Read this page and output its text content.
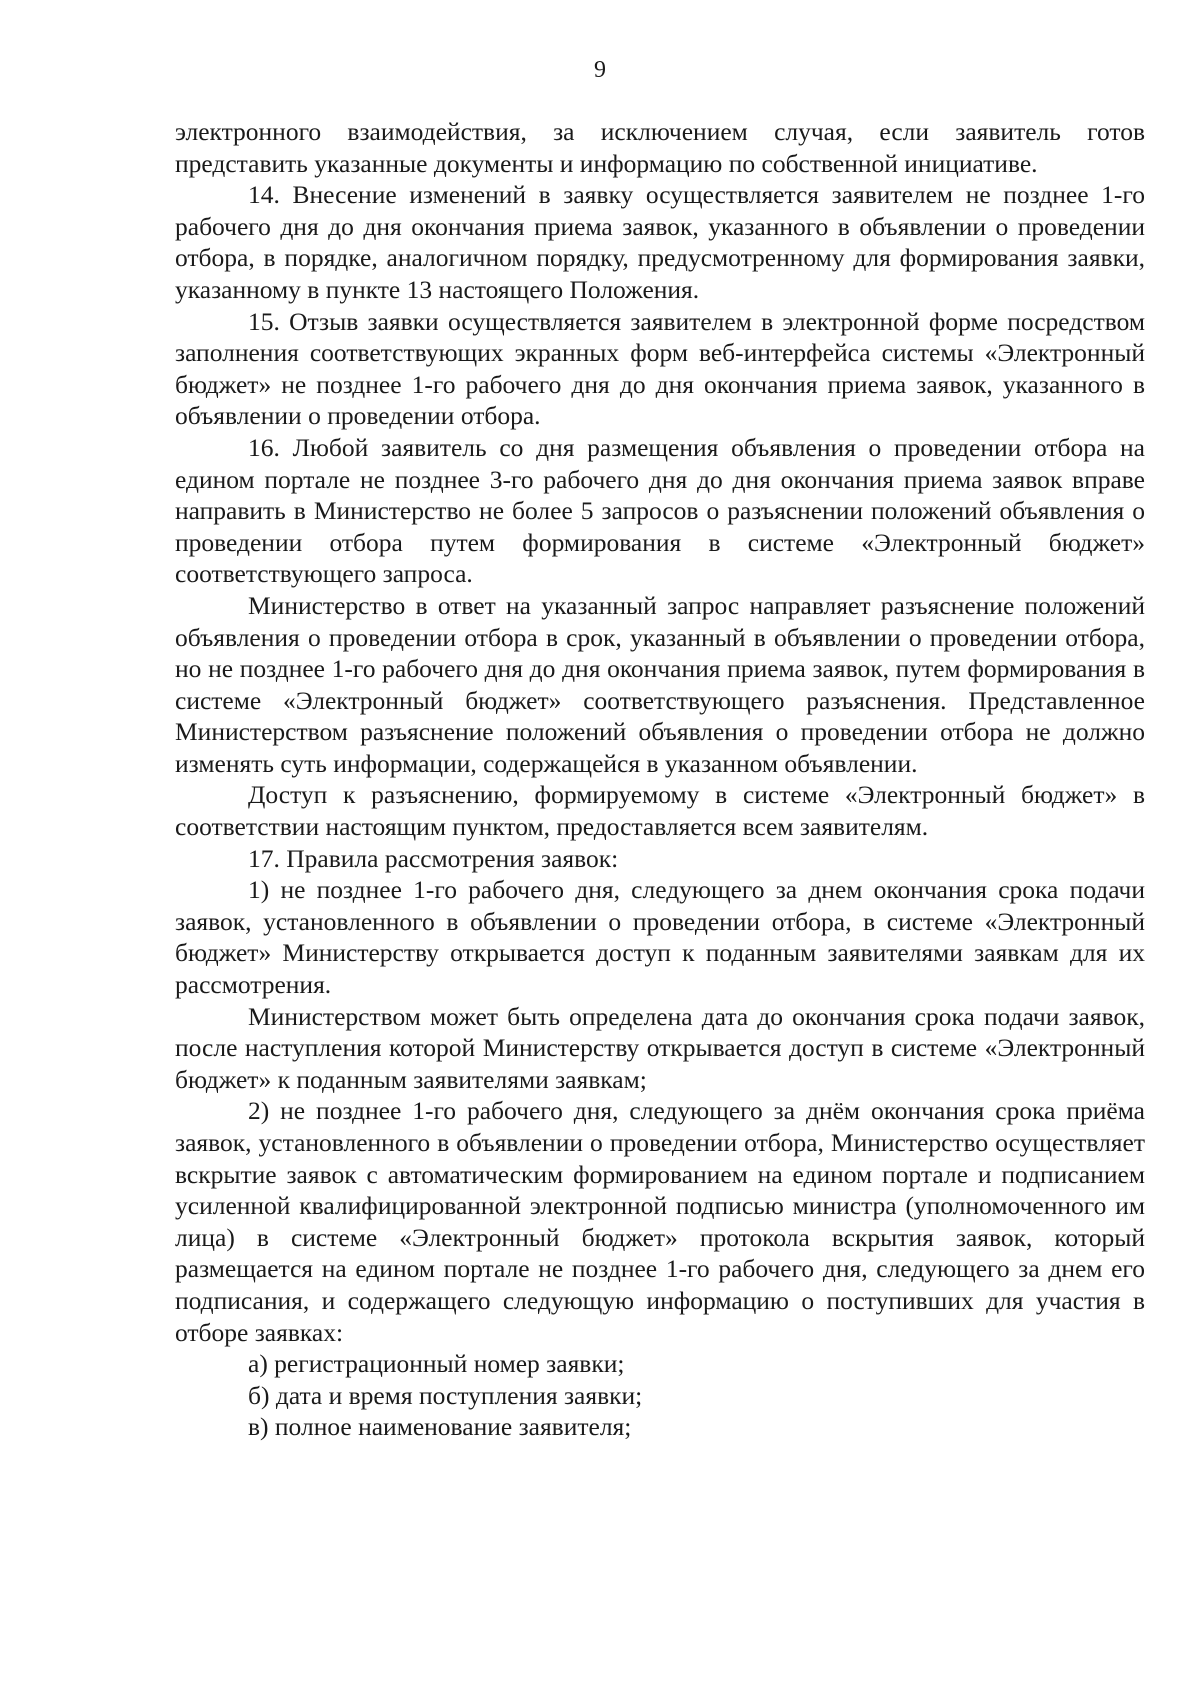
9

электронного взаимодействия, за исключением случая, если заявитель готов представить указанные документы и информацию по собственной инициативе.

14. Внесение изменений в заявку осуществляется заявителем не позднее 1-го рабочего дня до дня окончания приема заявок, указанного в объявлении о проведении отбора, в порядке, аналогичном порядку, предусмотренному для формирования заявки, указанному в пункте 13 настоящего Положения.

15. Отзыв заявки осуществляется заявителем в электронной форме посредством заполнения соответствующих экранных форм веб-интерфейса системы «Электронный бюджет» не позднее 1-го рабочего дня до дня окончания приема заявок, указанного в объявлении о проведении отбора.

16. Любой заявитель со дня размещения объявления о проведении отбора на едином портале не позднее 3-го рабочего дня до дня окончания приема заявок вправе направить в Министерство не более 5 запросов о разъяснении положений объявления о проведении отбора путем формирования в системе «Электронный бюджет» соответствующего запроса.

Министерство в ответ на указанный запрос направляет разъяснение положений объявления о проведении отбора в срок, указанный в объявлении о проведении отбора, но не позднее 1-го рабочего дня до дня окончания приема заявок, путем формирования в системе «Электронный бюджет» соответствующего разъяснения. Представленное Министерством разъяснение положений объявления о проведении отбора не должно изменять суть информации, содержащейся в указанном объявлении.

Доступ к разъяснению, формируемому в системе «Электронный бюджет» в соответствии настоящим пунктом, предоставляется всем заявителям.

17. Правила рассмотрения заявок:

1) не позднее 1-го рабочего дня, следующего за днем окончания срока подачи заявок, установленного в объявлении о проведении отбора, в системе «Электронный бюджет» Министерству открывается доступ к поданным заявителями заявкам для их рассмотрения.

Министерством может быть определена дата до окончания срока подачи заявок, после наступления которой Министерству открывается доступ в системе «Электронный бюджет» к поданным заявителями заявкам;

2) не позднее 1-го рабочего дня, следующего за днём окончания срока приёма заявок, установленного в объявлении о проведении отбора, Министерство осуществляет вскрытие заявок с автоматическим формированием на едином портале и подписанием усиленной квалифицированной электронной подписью министра (уполномоченного им лица) в системе «Электронный бюджет» протокола вскрытия заявок, который размещается на едином портале не позднее 1-го рабочего дня, следующего за днем его подписания, и содержащего следующую информацию о поступивших для участия в отборе заявках:

а) регистрационный номер заявки;

б) дата и время поступления заявки;

в) полное наименование заявителя;
